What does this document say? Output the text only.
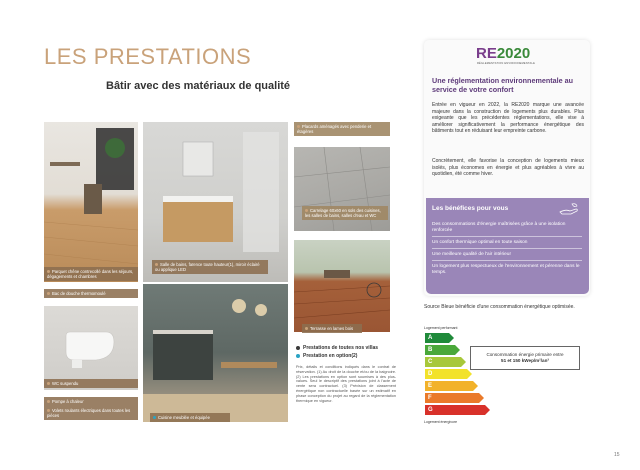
LES PRESTATIONS
Bâtir avec des matériaux de qualité
Parquet chêne contrecollé dans les séjours, dégagements et chambres
Salle de bains, faïence toute hauteur(1), miroir éclairé ou applique LED
Placards aménagés avec penderie et étagères
Carrelage 60x60 en sols des cuisines, les salles de bains, salles d'eau et WC
Bac de douche thermomoulé
WC suspendu
Pompe à chaleur
Volets roulants électriques dans toutes les pièces	Cuisine meublée et équipée
Terrasse en lames bois
Prestations de toutes nos villas
Prestation en option(2)
Prix, détails et conditions indiqués dans le contrat de réservation. (1) Au droit de la douche et/ou de la baignoire. (2) Les prestations en option sont soumises à des plus-values. Seul le descriptif des prestations joint à l'acte de vente sera contractuel. (3) Prévision de classement énergétique non contractuelle basée sur un estimatif en phase conception du projet au regard de la réglementation thermique en vigueur.
RE2020
RÉGLEMENTATION ENVIRONNEMENTALE
Une réglementation environnementale au service de votre confort
Entrée en vigueur en 2022, la RE2020 marque une avancée majeure dans la construction de logements plus durables. Plus exigeante que les précédentes réglementations, elle vise à améliorer significativement la performance énergétique des bâtiments tout en réduisant leur empreinte carbone.
Concrètement, elle favorise la conception de logements mieux isolés, plus économes en énergie et plus agréables à vivre au quotidien, été comme hiver.
Les bénéfices pour vous
Des consommations d'énergie maîtrisées grâce à une isolation renforcée
Un confort thermique optimal en toute saison
Une meilleure qualité de l'air intérieur
Un logement plus respectueux de l'environnement et pérenne dans le temps.
Source Bleue bénéficie d'une consommation énergétique optimisée.
Logement performant
A
B
C
D
E
F
G
Consommation énergie primaire entre
51 et 150 kWep/m²/an³
Logement énergivore
15
